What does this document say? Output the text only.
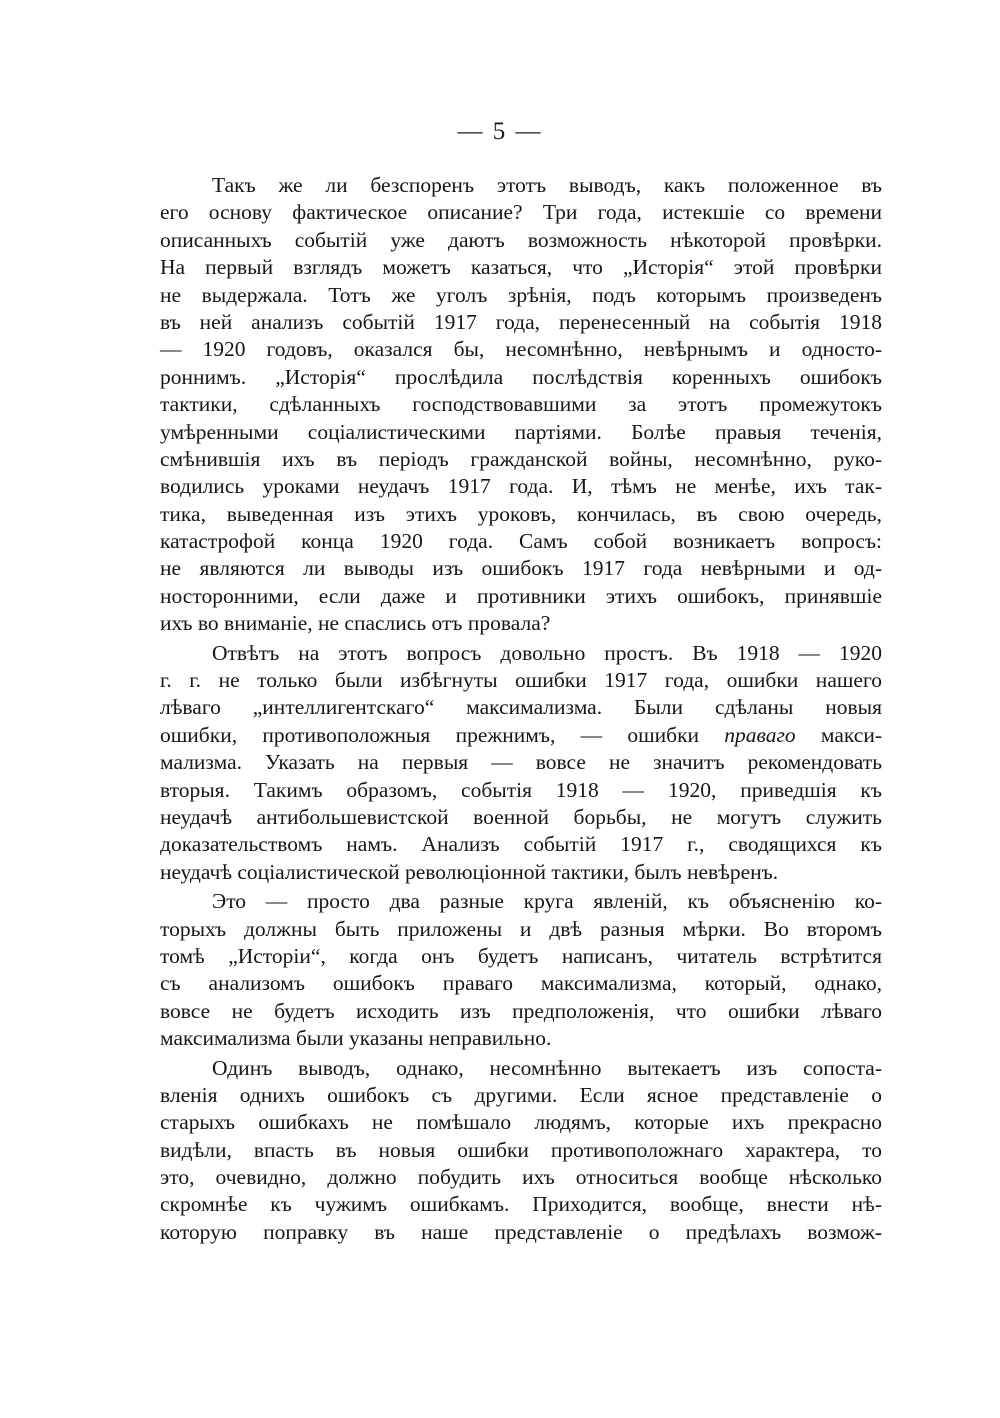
— 5 —
Такъ же ли безспоренъ этотъ выводъ, какъ положенное въ
его основу фактическое описание? Три года, истекшіе со времени
описанныхъ событій уже даютъ возможность нѣкоторой провѣрки.
На первый взглядъ можетъ казаться, что „Исторія“ этой провѣрки
не выдержала. Тотъ же уголъ зрѣнія, подъ которымъ произведенъ
въ ней анализъ событій 1917 года, перенесенный на событія 1918
— 1920 годовъ, оказался бы, несомнѣнно, невѣрнымъ и односто-
роннимъ. „Исторія“ прослѣдила послѣдствія коренныхъ ошибокъ
тактики, сдѣланныхъ господствовавшими за этотъ промежутокъ
умѣренными соціалистическими партіями. Болѣе правыя теченія,
смѣнившія ихъ въ періодъ гражданской войны, несомнѣнно, руко-
водились уроками неудачъ 1917 года. И, тѣмъ не менѣе, ихъ так-
тика, выведенная изъ этихъ уроковъ, кончилась, въ свою очередь,
катастрофой конца 1920 года. Самъ собой возникаетъ вопросъ:
не являются ли выводы изъ ошибокъ 1917 года невѣрными и од-
носторонними, если даже и противники этихъ ошибокъ, принявшіе
ихъ во вниманіе, не спаслись отъ провала?
Отвѣтъ на этотъ вопросъ довольно простъ. Въ 1918 — 1920
г. г. не только были избѣгнуты ошибки 1917 года, ошибки нашего
лѣваго „интеллигентскаго“ максимализма. Были сдѣланы новыя
ошибки, противоположныя прежнимъ, — ошибки праваго макси-
мализма. Указать на первыя — вовсе не значитъ рекомендовать
вторыя. Такимъ образомъ, событія 1918 — 1920, приведшія къ
неудачѣ антибольшевистской военной борьбы, не могутъ служить
доказательствомъ намъ. Анализъ событій 1917 г., сводящихся къ
неудачѣ соціалистической революціонной тактики, былъ невѣренъ.
Это — просто два разные круга явленій, къ объясненію ко-
торыхъ должны быть приложены и двѣ разныя мѣрки. Во второмъ
томѣ „Исторіи“, когда онъ будетъ написанъ, читатель встрѣтится
съ анализомъ ошибокъ праваго максимализма, который, однако,
вовсе не будетъ исходить изъ предположенія, что ошибки лѣваго
максимализма были указаны неправильно.
Одинъ выводъ, однако, несомнѣнно вытекаетъ изъ сопоста-
вленія однихъ ошибокъ съ другими. Если ясное представленіе о
старыхъ ошибкахъ не помѣшало людямъ, которые ихъ прекрасно
видѣли, впасть въ новыя ошибки противоположнаго характера, то
это, очевидно, должно побудить ихъ относиться вообще нѣсколько
скромнѣе къ чужимъ ошибкамъ. Приходится, вообще, внести нѣ-
которую поправку въ наше представленіе о предѣлахъ возмож-
